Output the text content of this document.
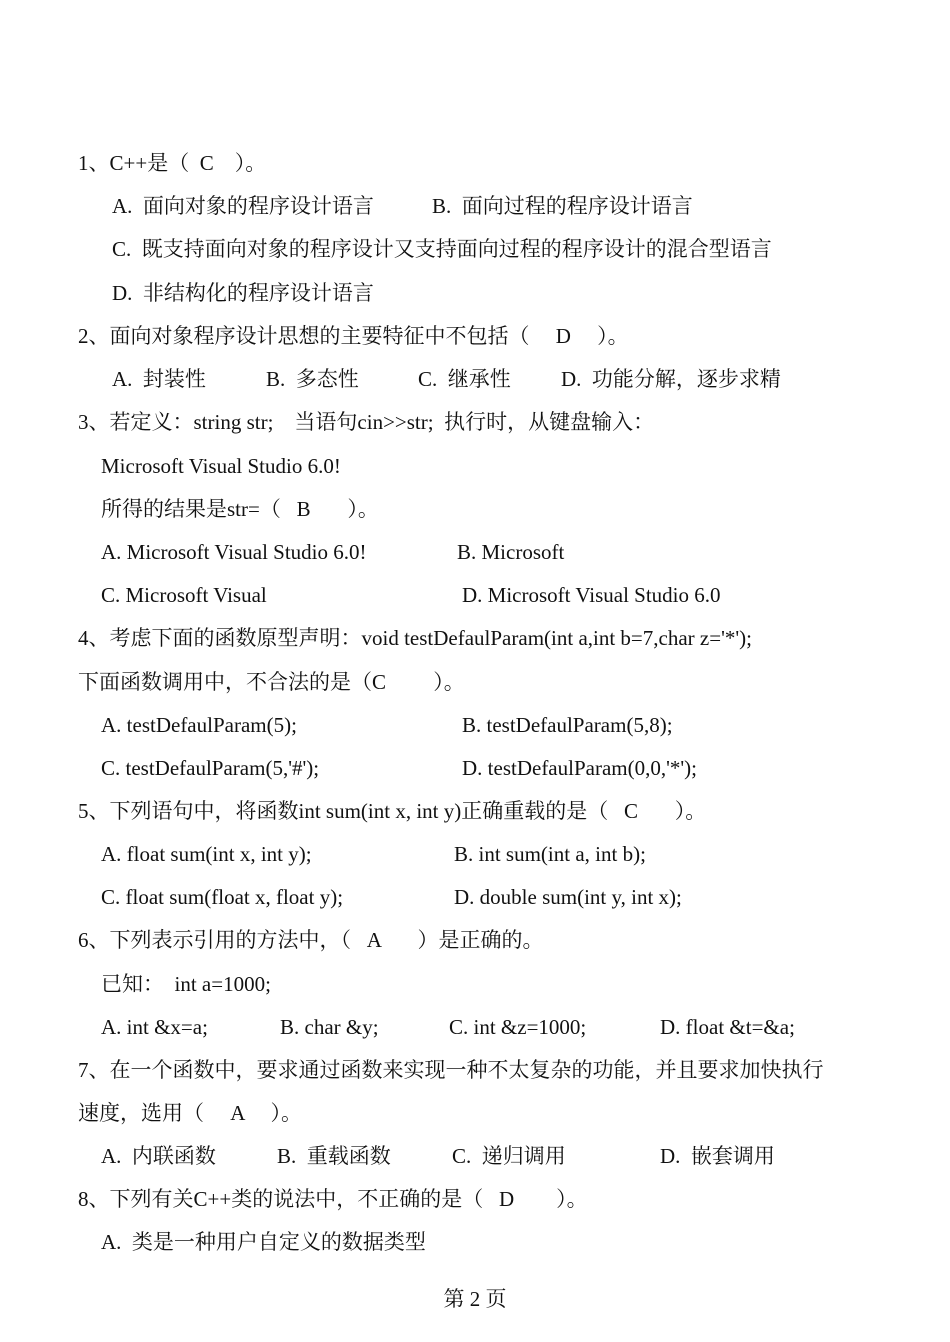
1、C++是（  C    ）。
A.  面向对象的程序设计语言	B.  面向过程的程序设计语言
C.  既支持面向对象的程序设计又支持面向过程的程序设计的混合型语言
D.  非结构化的程序设计语言
2、面向对象程序设计思想的主要特征中不包括（     D     ）。
A.  封装性	B.  多态性	C.  继承性 D.  功能分解，逐步求精
3、若定义：string str;    当语句cin>>str;  执行时，从键盘输入：
Microsoft Visual Studio 6.0!
所得的结果是str=（   B       ）。
A. Microsoft Visual Studio 6.0!	B. Microsoft
C. Microsoft Visual	D. Microsoft Visual Studio 6.0
4、考虑下面的函数原型声明：void testDefaulParam(int a,int b=7,char z='*');
下面函数调用中，不合法的是（C         ）。
A. testDefaulParam(5);	B. testDefaulParam(5,8);
C. testDefaulParam(5,'#');	D. testDefaulParam(0,0,'*');
5、下列语句中，将函数int sum(int x, int y)正确重载的是（   C       ）。
A. float sum(int x, int y);	B. int sum(int a, int b);
C. float sum(float x, float y);	D. double sum(int y, int x);
6、下列表示引用的方法中，（   A       ）是正确的。
已知：  int a=1000;
A. int &x=a;	B. char &y;	C. int &z=1000;	D. float &t=&a;
7、在一个函数中，要求通过函数来实现一种不太复杂的功能，并且要求加快执行
速度，选用（     A     ）。
A.  内联函数	B.  重载函数	C.  递归调用	D.  嵌套调用
8、下列有关C++类的说法中，不正确的是（   D        ）。
A.  类是一种用户自定义的数据类型
第 2 页
